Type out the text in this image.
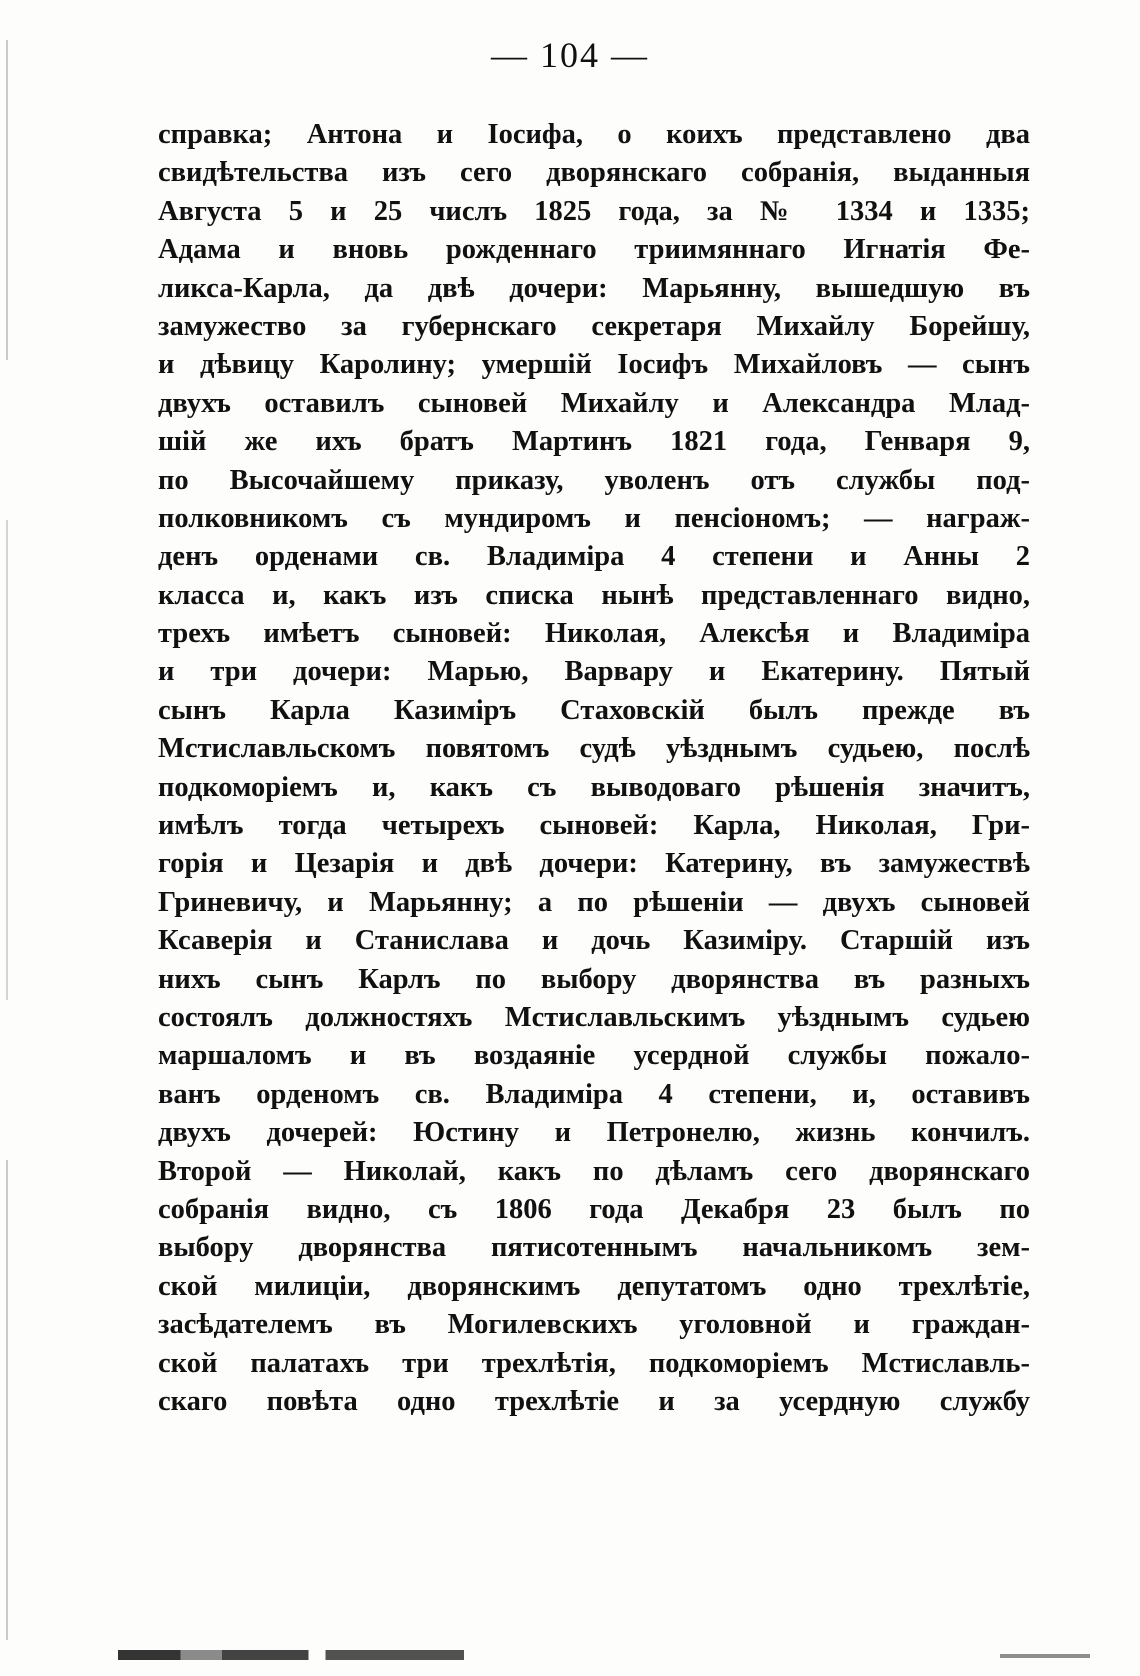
— 104 —
справка; Антона и Іосифа, о коихъ представлено два
свидѣтельства изъ сего дворянскаго собранія, выданныя
Августа 5 и 25 числъ 1825 года, за № 1334 и 1335;
Адама и вновь рожденнаго триимяннаго Игнатія Фе-
ликса-Карла, да двѣ дочери: Марьянну, вышедшую въ
замужество за губернскаго секретаря Михайлу Борейшу,
и дѣвицу Каролину; умершій Іосифъ Михайловъ — сынъ
двухъ оставилъ сыновей Михайлу и Александра Млад-
шій же ихъ братъ Мартинъ 1821 года, Генваря 9,
по Высочайшему приказу, уволенъ отъ службы под-
полковникомъ съ мундиромъ и пенсіономъ; — награж-
денъ орденами св. Владиміра 4 степени и Анны 2
класса и, какъ изъ списка нынѣ представленнаго видно,
трехъ имѣетъ сыновей: Николая, Алексѣя и Владиміра
и три дочери: Марью, Варвару и Екатерину. Пятый
сынъ Карла Казиміръ Стаховскій былъ прежде въ
Мстиславльскомъ повятомъ судѣ уѣзднымъ судьею, послѣ
подкоморіемъ и, какъ съ выводоваго рѣшенія значитъ,
имѣлъ тогда четырехъ сыновей: Карла, Николая, Гри-
горія и Цезарія и двѣ дочери: Катерину, въ замужествѣ
Гриневичу, и Марьянну; а по рѣшеніи — двухъ сыновей
Ксаверія и Станислава и дочь Казиміру. Старшій изъ
нихъ сынъ Карлъ по выбору дворянства въ разныхъ
состоялъ должностяхъ Мстиславльскимъ уѣзднымъ судьею
маршаломъ и въ воздаяніе усердной службы пожало-
ванъ орденомъ св. Владиміра 4 степени, и, оставивъ
двухъ дочерей: Юстину и Петронелю, жизнь кончилъ.
Второй — Николай, какъ по дѣламъ сего дворянскаго
собранія видно, съ 1806 года Декабря 23 былъ по
выбору дворянства пятисотеннымъ начальникомъ зем-
ской милиціи, дворянскимъ депутатомъ одно трехлѣтіе,
засѣдателемъ въ Могилевскихъ уголовной и граждан-
ской палатахъ три трехлѣтія, подкоморіемъ Мстиславль-
скаго повѣта одно трехлѣтіе и за усердную службу
